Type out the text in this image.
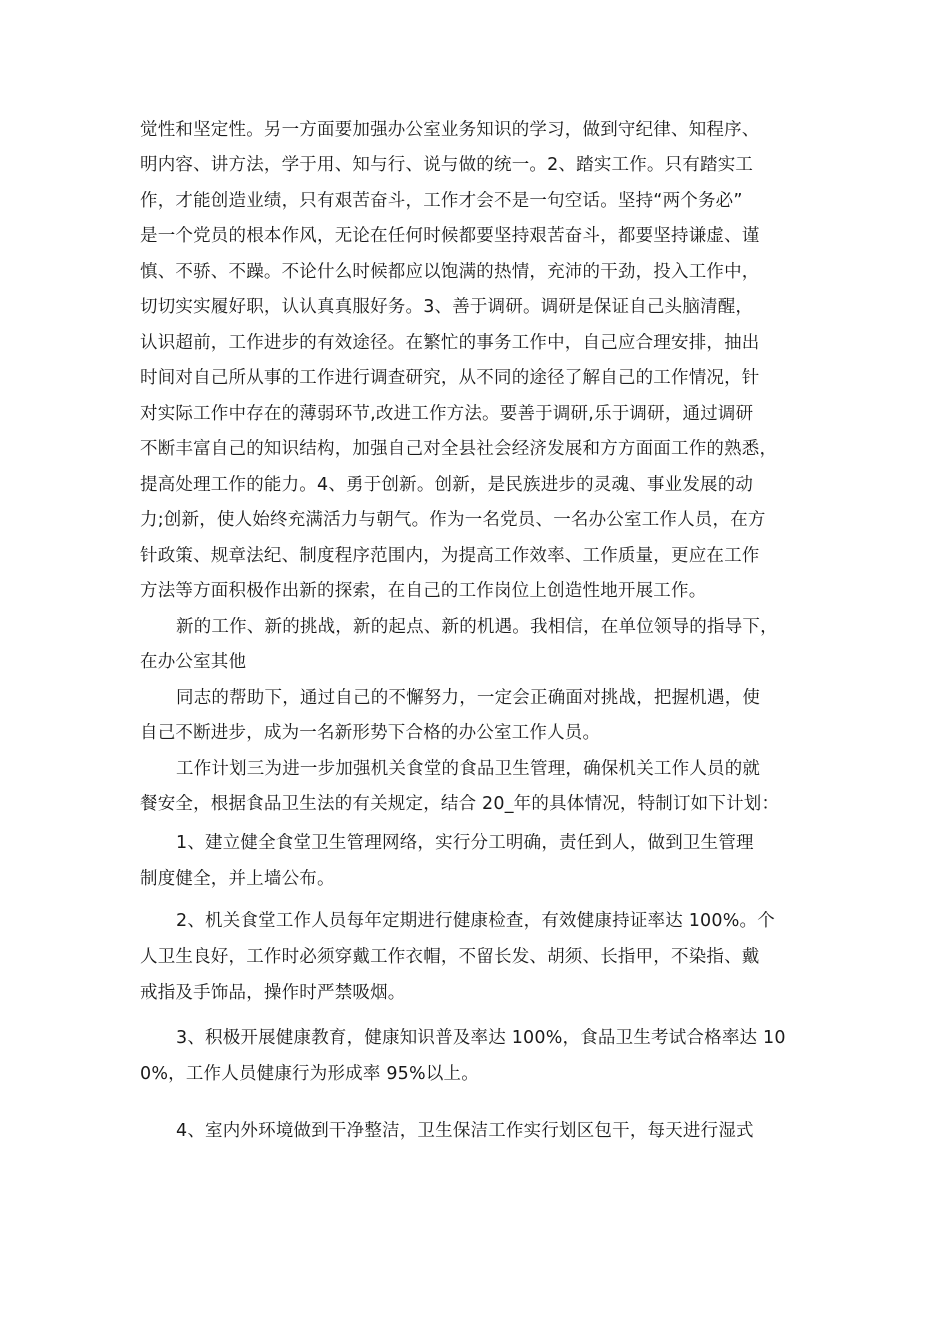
觉性和坚定性。另一方面要加强办公室业务知识的学习，做到守纪律、知程序、
明内容、讲方法，学于用、知与行、说与做的统一。2、踏实工作。只有踏实工
作，才能创造业绩，只有艰苦奋斗，工作才会不是一句空话。坚持“两个务必”
是一个党员的根本作风，无论在任何时候都要坚持艰苦奋斗，都要坚持谦虚、谨
慎、不骄、不躁。不论什么时候都应以饱满的热情，充沛的干劲，投入工作中，
切切实实履好职，认认真真服好务。3、善于调研。调研是保证自己头脑清醒，
认识超前，工作进步的有效途径。在繁忙的事务工作中，自己应合理安排，抽出
时间对自己所从事的工作进行调查研究，从不同的途径了解自己的工作情况，针
对实际工作中存在的薄弱环节,改进工作方法。要善于调研,乐于调研，通过调研
不断丰富自己的知识结构，加强自己对全县社会经济发展和方方面面工作的熟悉，
提高处理工作的能力。4、勇于创新。创新，是民族进步的灵魂、事业发展的动
力;创新，使人始终充满活力与朝气。作为一名党员、一名办公室工作人员，在方
针政策、规章法纪、制度程序范围内，为提高工作效率、工作质量，更应在工作
方法等方面积极作出新的探索，在自己的工作岗位上创造性地开展工作。
新的工作、新的挑战，新的起点、新的机遇。我相信，在单位领导的指导下，
在办公室其他
同志的帮助下，通过自己的不懈努力，一定会正确面对挑战，把握机遇，使
自己不断进步，成为一名新形势下合格的办公室工作人员。
工作计划三为进一步加强机关食堂的食品卫生管理，确保机关工作人员的就
餐安全，根据食品卫生法的有关规定，结合 20_年的具体情况，特制订如下计划：
1、建立健全食堂卫生管理网络，实行分工明确，责任到人，做到卫生管理
制度健全，并上墙公布。
2、机关食堂工作人员每年定期进行健康检查，有效健康持证率达 100%。个
人卫生良好，工作时必须穿戴工作衣帽，不留长发、胡须、长指甲，不染指、戴
戒指及手饰品，操作时严禁吸烟。
3、积极开展健康教育，健康知识普及率达 100%，食品卫生考试合格率达 10
0%，工作人员健康行为形成率 95%以上。
4、室内外环境做到干净整洁，卫生保洁工作实行划区包干，每天进行湿式
